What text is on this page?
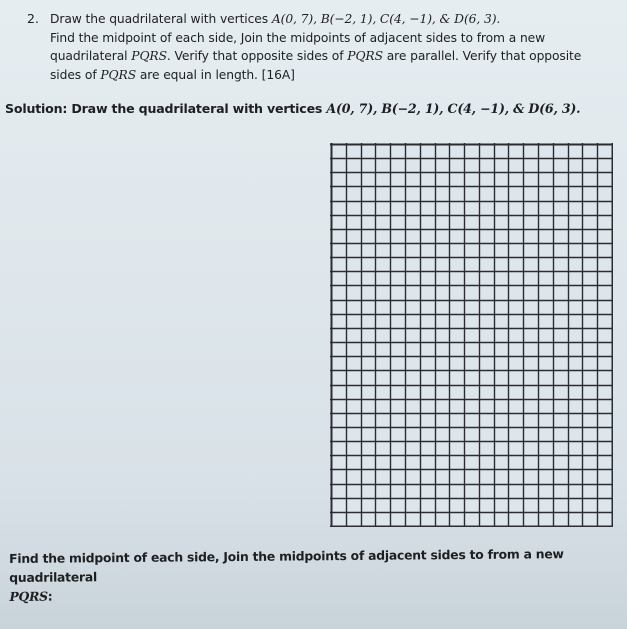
2. Draw the quadrilateral with vertices A(0, 7), B(−2, 1), C(4, −1), & D(6, 3).
Find the midpoint of each side, Join the midpoints of adjacent sides to from a new
quadrilateral PQRS. Verify that opposite sides of PQRS are parallel. Verify that opposite
sides of PQRS are equal in length. [16A]
Solution: Draw the quadrilateral with vertices A(0, 7), B(−2, 1), C(4, −1), & D(6, 3).
Find the midpoint of each side, Join the midpoints of adjacent sides to from a new quadrilateral
PQRS:
